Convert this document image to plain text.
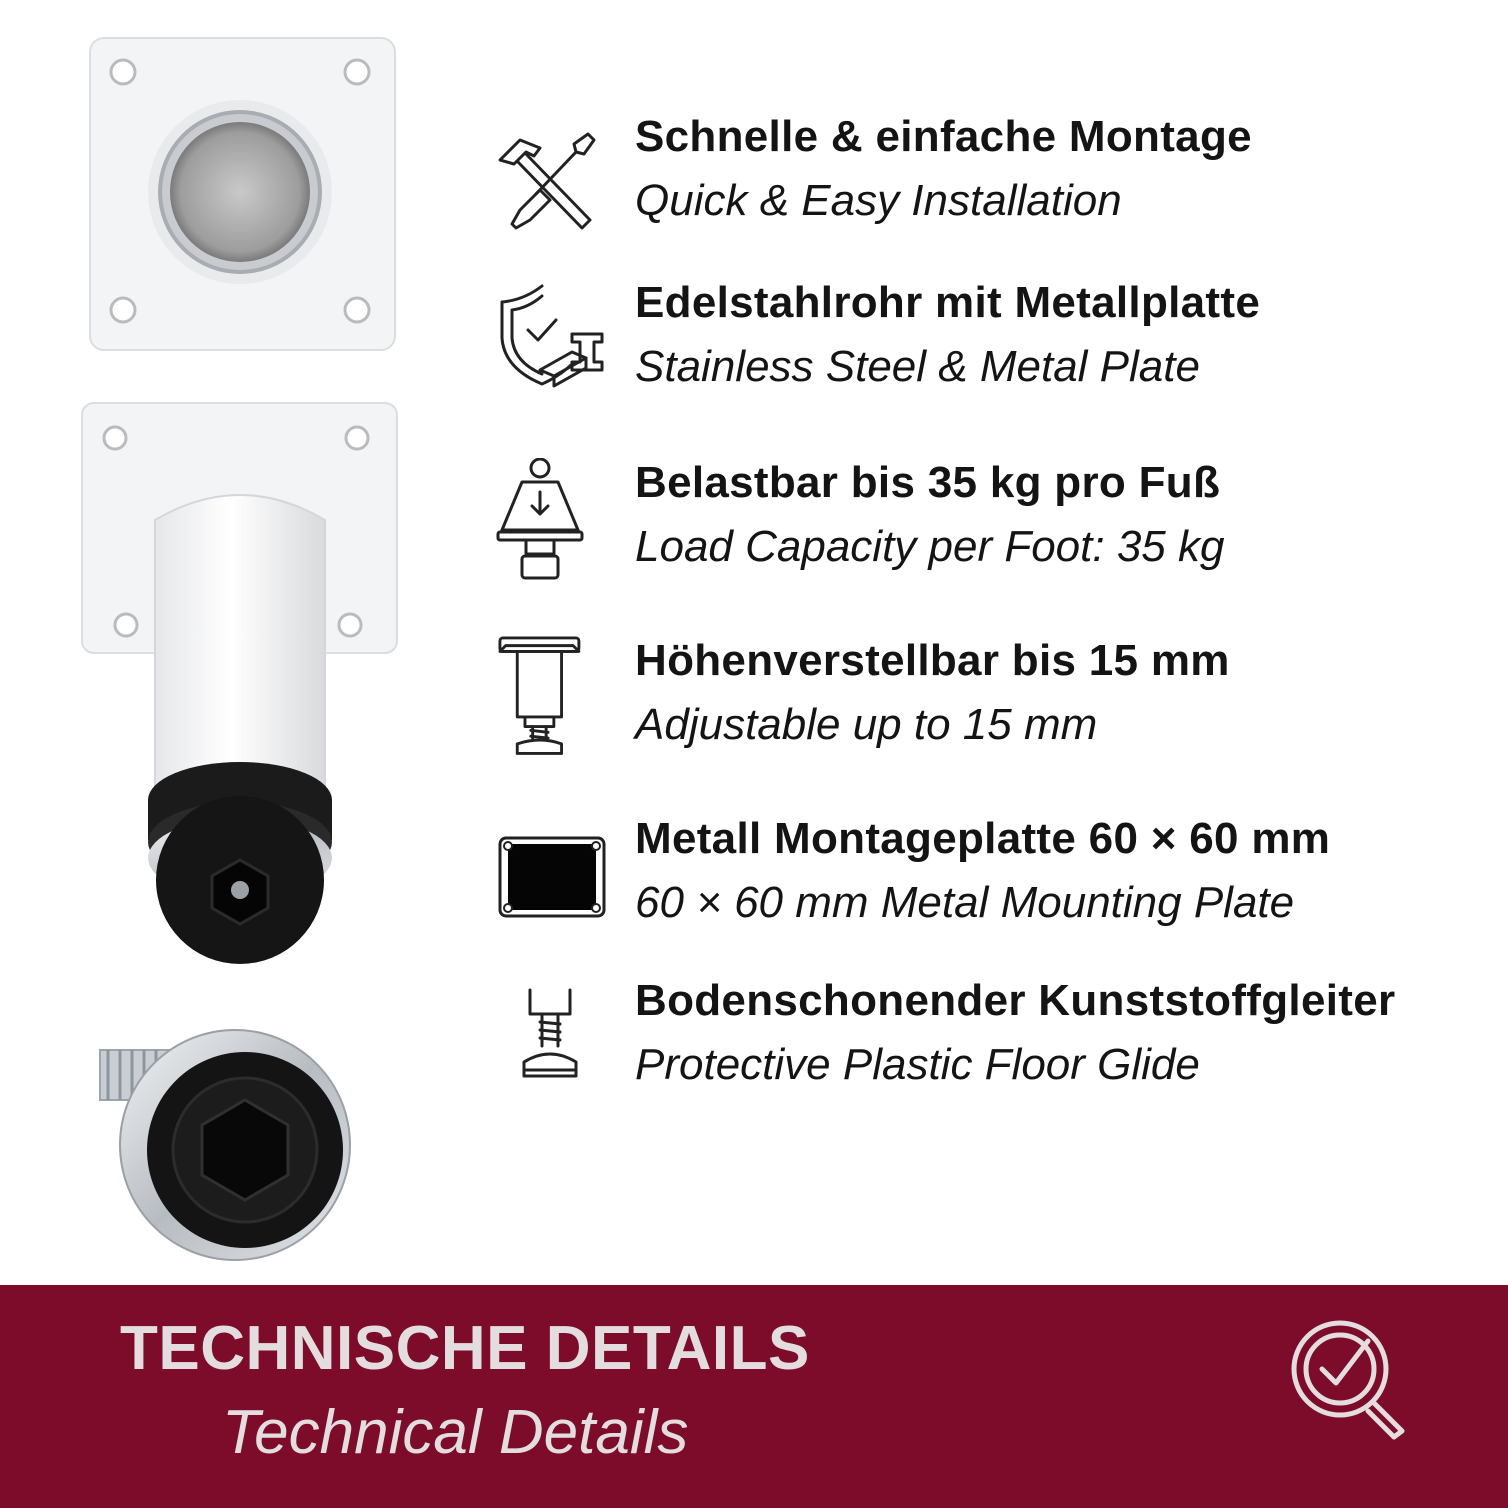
Schnelle & einfache Montage
Quick & Easy Installation
Edelstahlrohr mit Metallplatte
Stainless Steel & Metal Plate
Belastbar bis 35 kg pro Fuß
Load Capacity per Foot: 35 kg
Höhenverstellbar bis 15 mm
Adjustable up to 15 mm
Metall Montageplatte 60 × 60 mm
60 × 60 mm Metal Mounting Plate
Bodenschonender Kunststoffgleiter
Protective Plastic Floor Glide
TECHNISCHE DETAILS
Technical Details
